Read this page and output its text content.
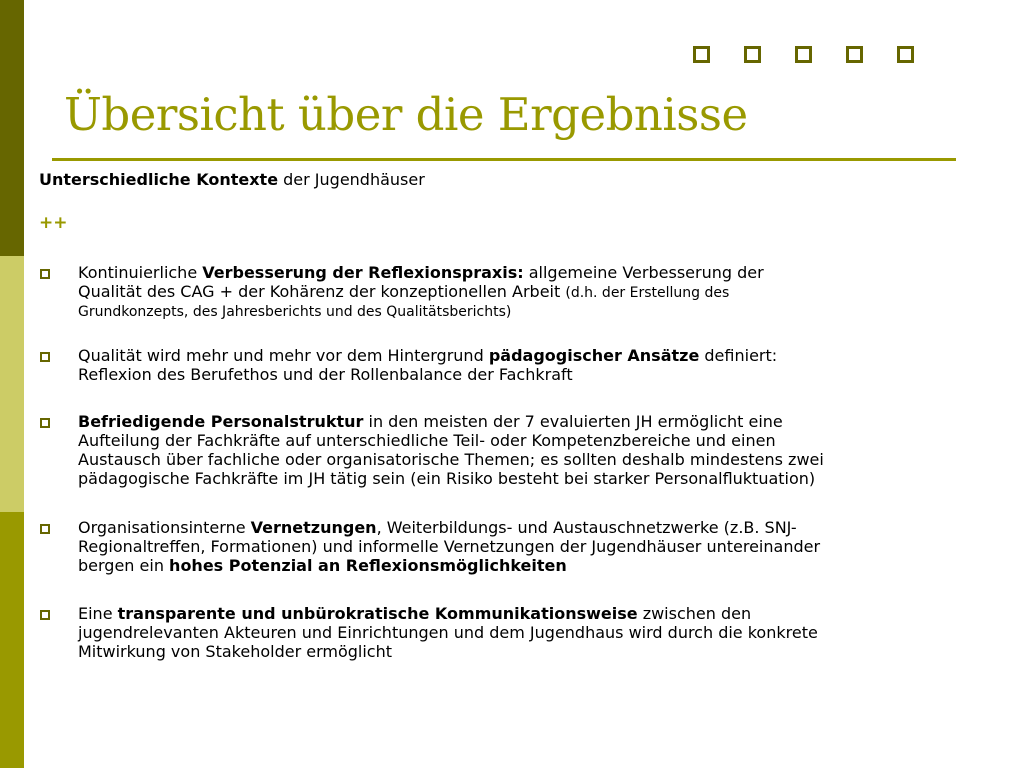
Übersicht über die Ergebnisse
Unterschiedliche Kontexte der Jugendhäuser
++
Kontinuierliche Verbesserung der Reflexionspraxis: allgemeine Verbesserung der
Qualität des CAG + der Kohärenz der konzeptionellen Arbeit (d.h. der Erstellung des
Grundkonzepts, des Jahresberichts und des Qualitätsberichts)
Qualität wird mehr und mehr vor dem Hintergrund pädagogischer Ansätze definiert:
Reflexion des Berufethos und der Rollenbalance der Fachkraft
Befriedigende Personalstruktur in den meisten der 7 evaluierten JH ermöglicht eine
Aufteilung der Fachkräfte auf unterschiedliche Teil- oder Kompetenzbereiche und einen
Austausch über fachliche oder organisatorische Themen; es sollten deshalb mindestens zwei
pädagogische Fachkräfte im JH tätig sein (ein Risiko besteht bei starker Personalfluktuation)
Organisationsinterne Vernetzungen, Weiterbildungs- und Austauschnetzwerke (z.B. SNJ-
Regionaltreffen, Formationen) und informelle Vernetzungen der Jugendhäuser untereinander
bergen ein hohes Potenzial an Reflexionsmöglichkeiten
Eine transparente und unbürokratische Kommunikationsweise zwischen den
jugendrelevanten Akteuren und Einrichtungen und dem Jugendhaus wird durch die konkrete
Mitwirkung von Stakeholder ermöglicht
